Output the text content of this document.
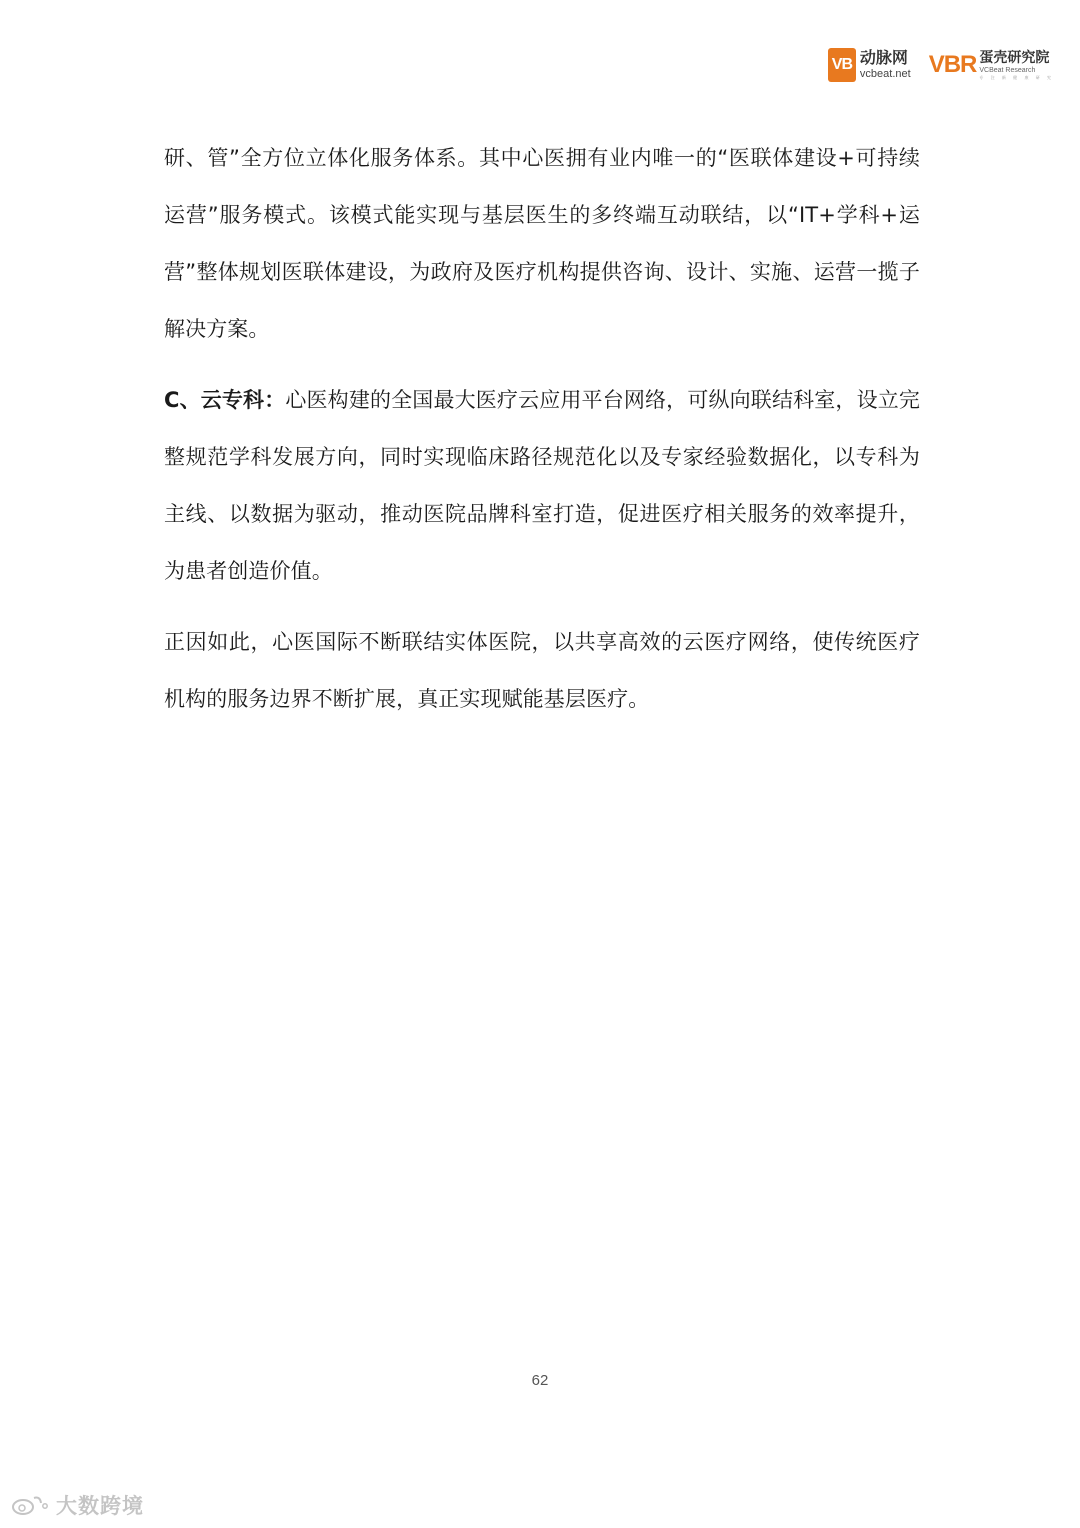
VB 动脉网
vcbeat.net VBR 蛋壳研究院
VCBeat Research
专 注 新 健 康 研 究

研、管”全方位立体化服务体系。其中心医拥有业内唯一的“医联体建设+可持续运营”服务模式。该模式能实现与基层医生的多终端互动联结，以“IT+学科+运营”整体规划医联体建设，为政府及医疗机构提供咨询、设计、实施、运营一揽子解决方案。

C、云专科：心医构建的全国最大医疗云应用平台网络，可纵向联结科室，设立完整规范学科发展方向，同时实现临床路径规范化以及专家经验数据化，以专科为主线、以数据为驱动，推动医院品牌科室打造，促进医疗相关服务的效率提升，为患者创造价值。

正因如此，心医国际不断联结实体医院，以共享高效的云医疗网络，使传统医疗机构的服务边界不断扩展，真正实现赋能基层医疗。

62
大数跨境
